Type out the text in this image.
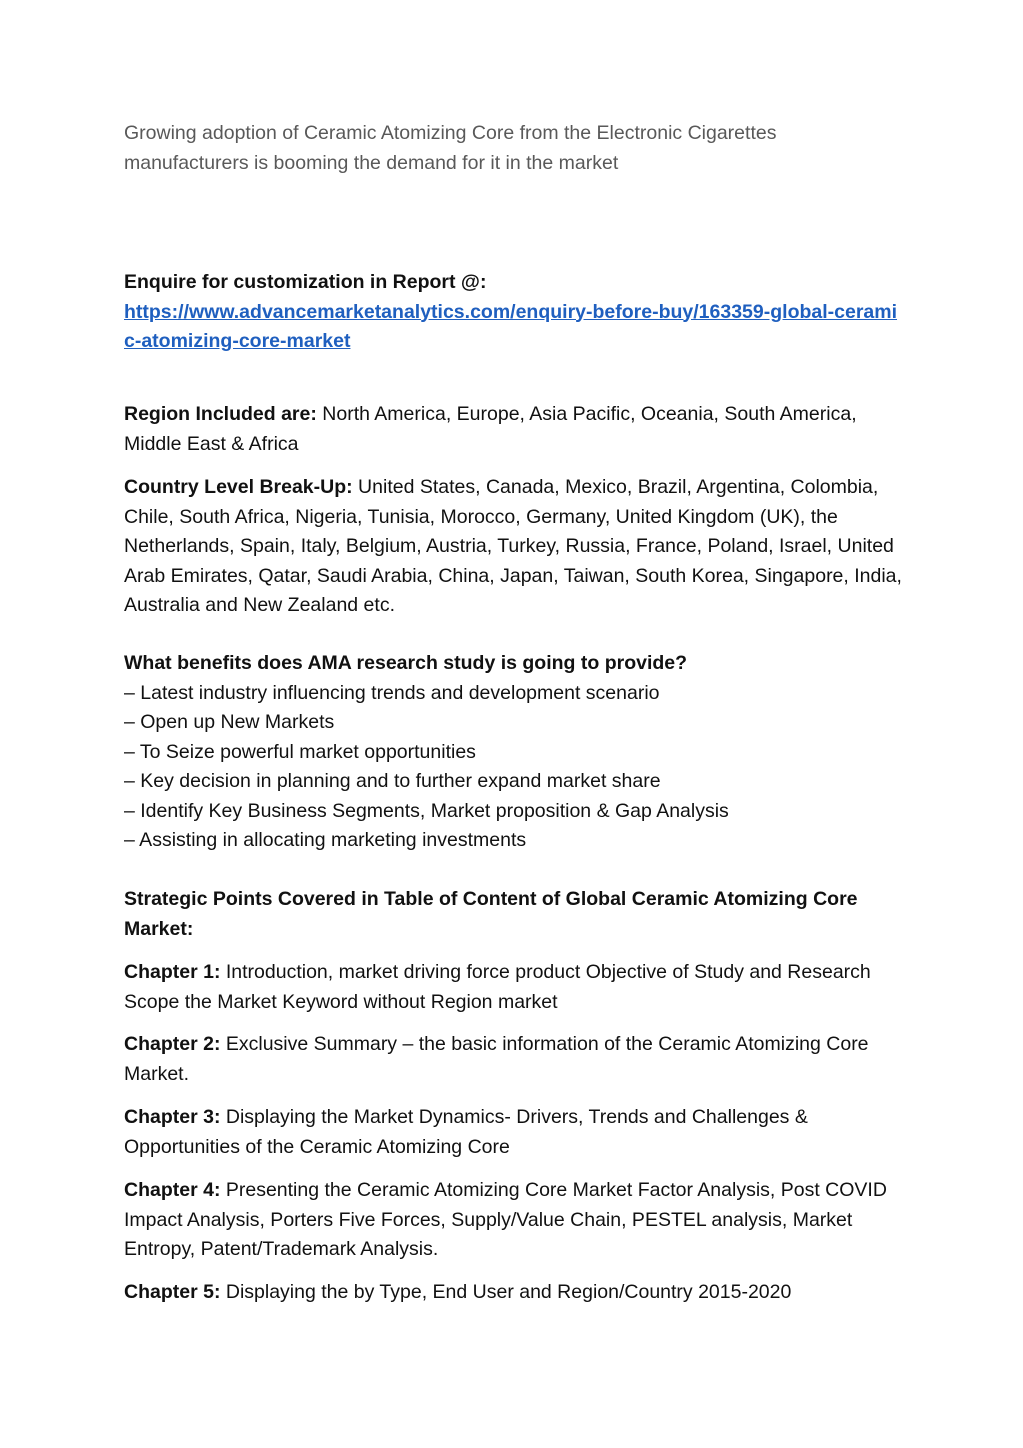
Growing adoption of Ceramic Atomizing Core from the Electronic Cigarettes manufacturers is booming the demand for it in the market

Enquire for customization in Report @:
https://www.advancemarketanalytics.com/enquiry-before-buy/163359-global-ceramic-atomizing-core-market

Region Included are: North America, Europe, Asia Pacific, Oceania, South America, Middle East & Africa

Country Level Break-Up: United States, Canada, Mexico, Brazil, Argentina, Colombia, Chile, South Africa, Nigeria, Tunisia, Morocco, Germany, United Kingdom (UK), the Netherlands, Spain, Italy, Belgium, Austria, Turkey, Russia, France, Poland, Israel, United Arab Emirates, Qatar, Saudi Arabia, China, Japan, Taiwan, South Korea, Singapore, India, Australia and New Zealand etc.

What benefits does AMA research study is going to provide?
– Latest industry influencing trends and development scenario
– Open up New Markets
– To Seize powerful market opportunities
– Key decision in planning and to further expand market share
– Identify Key Business Segments, Market proposition & Gap Analysis
– Assisting in allocating marketing investments

Strategic Points Covered in Table of Content of Global Ceramic Atomizing Core Market:

Chapter 1: Introduction, market driving force product Objective of Study and Research Scope the Market Keyword without Region market

Chapter 2: Exclusive Summary – the basic information of the Ceramic Atomizing Core Market.

Chapter 3: Displaying the Market Dynamics- Drivers, Trends and Challenges & Opportunities of the Ceramic Atomizing Core

Chapter 4: Presenting the Ceramic Atomizing Core Market Factor Analysis, Post COVID Impact Analysis, Porters Five Forces, Supply/Value Chain, PESTEL analysis, Market Entropy, Patent/Trademark Analysis.

Chapter 5: Displaying the by Type, End User and Region/Country 2015-2020
